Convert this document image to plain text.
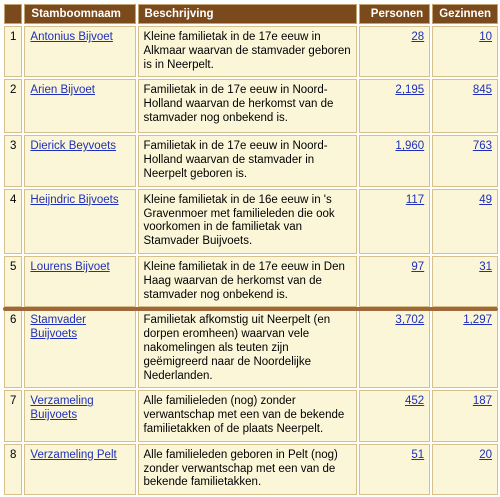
	Stamboomnaam	Beschrijving	Personen	Gezinnen
1	Antonius Bijvoet	Kleine familietak in de 17e eeuw in Alkmaar waarvan de stamvader geboren is in Neerpelt.	28	10
2	Arien Bijvoet	Familietak in de 17e eeuw in Noord-Holland waarvan de herkomst van de stamvader nog onbekend is.	2,195	845
3	Dierick Beyvoets	Familietak in de 17e eeuw in Noord-Holland waarvan de stamvader in Neerpelt geboren is.	1,960	763
4	Heijndric Bijvoets	Kleine familietak in de 16e eeuw in 's Gravenmoer met familieleden die ook voorkomen in de familietak van Stamvader Buijvoets.	117	49
5	Lourens Bijvoet	Kleine familietak in de 17e eeuw in Den Haag waarvan de herkomst van de stamvader nog onbekend is.	97	31
6	Stamvader Buijvoets	Familietak afkomstig uit Neerpelt (en dorpen eromheen) waarvan vele nakomelingen als teuten zijn geëmigreerd naar de Noordelijke Nederlanden.	3,702	1,297
7	Verzameling Buijvoets	Alle familieleden (nog) zonder verwantschap met een van de bekende familietakken of de plaats Neerpelt.	452	187
8	Verzameling Pelt	Alle familieleden geboren in Pelt (nog) zonder verwantschap met een van de bekende familietakken.	51	20
